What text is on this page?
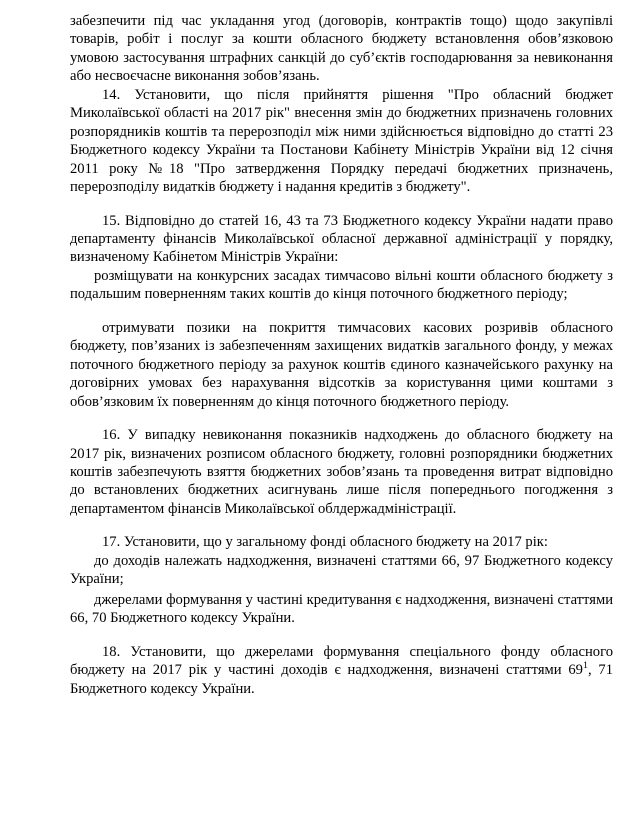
забезпечити під час укладання угод (договорів, контрактів тощо) щодо закупівлі товарів, робіт і послуг за кошти обласного бюджету встановлення обов’язковою умовою застосування штрафних санкцій до суб’єктів господарювання за невиконання або несвоєчасне виконання зобов’язань.

14. Установити, що після прийняття рішення "Про обласний бюджет Миколаївської області на 2017 рік" внесення змін до бюджетних призначень головних розпорядників коштів та перерозподіл між ними здійснюється відповідно до статті 23 Бюджетного кодексу України та Постанови Кабінету Міністрів України від 12 січня 2011 року №18 "Про затвердження Порядку передачі бюджетних призначень, перерозподілу видатків бюджету і надання кредитів з бюджету".

15. Відповідно до статей 16, 43 та 73 Бюджетного кодексу України надати право департаменту фінансів Миколаївської обласної державної адміністрації у порядку, визначеному Кабінетом Міністрів України:

розміщувати на конкурсних засадах тимчасово вільні кошти обласного бюджету з подальшим поверненням таких коштів до кінця поточного бюджетного періоду;

отримувати позики на покриття тимчасових касових розривів обласного бюджету, пов’язаних із забезпеченням захищених видатків загального фонду, у межах поточного бюджетного періоду за рахунок коштів єдиного казначейського рахунку на договірних умовах без нарахування відсотків за користування цими коштами з обов’язковим їх поверненням до кінця поточного бюджетного періоду.

16. У випадку невиконання показників надходжень до обласного бюджету на 2017 рік, визначених розписом обласного бюджету, головні розпорядники бюджетних коштів забезпечують взяття бюджетних зобов’язань та проведення витрат відповідно до встановлених бюджетних асигнувань лише після попереднього погодження з департаментом фінансів Миколаївської облдержадміністрації.

17. Установити, що у загальному фонді обласного бюджету на 2017 рік:

до доходів належать надходження, визначені статтями 66, 97 Бюджетного кодексу України;

джерелами формування у частині кредитування є надходження, визначені статтями 66, 70 Бюджетного кодексу України.

18. Установити, що джерелами формування спеціального фонду обласного бюджету на 2017 рік у частині доходів є надходження, визначені статтями $69^1$, 71 Бюджетного кодексу України.
